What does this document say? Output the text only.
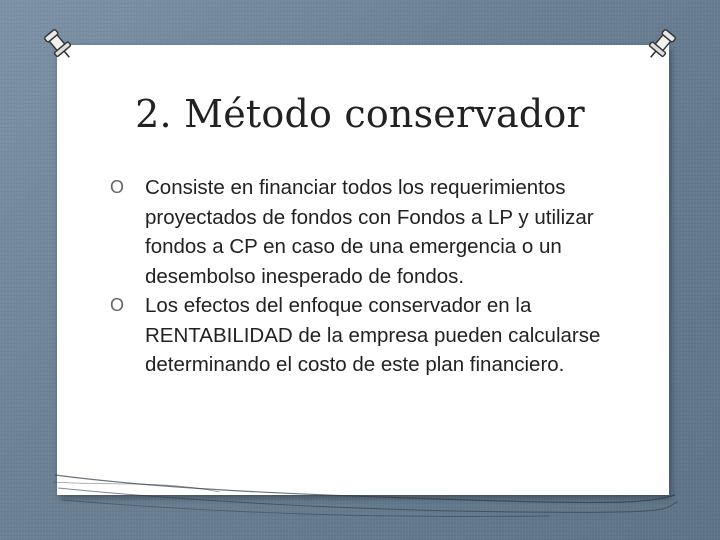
2. Método conservador
O Consiste en financiar todos los requerimientos proyectados de fondos con Fondos a LP y utilizar fondos a CP en caso de una emergencia o un desembolso inesperado de fondos.
O Los efectos del enfoque conservador en la RENTABILIDAD de la empresa pueden calcularse determinando el costo de este plan financiero.
